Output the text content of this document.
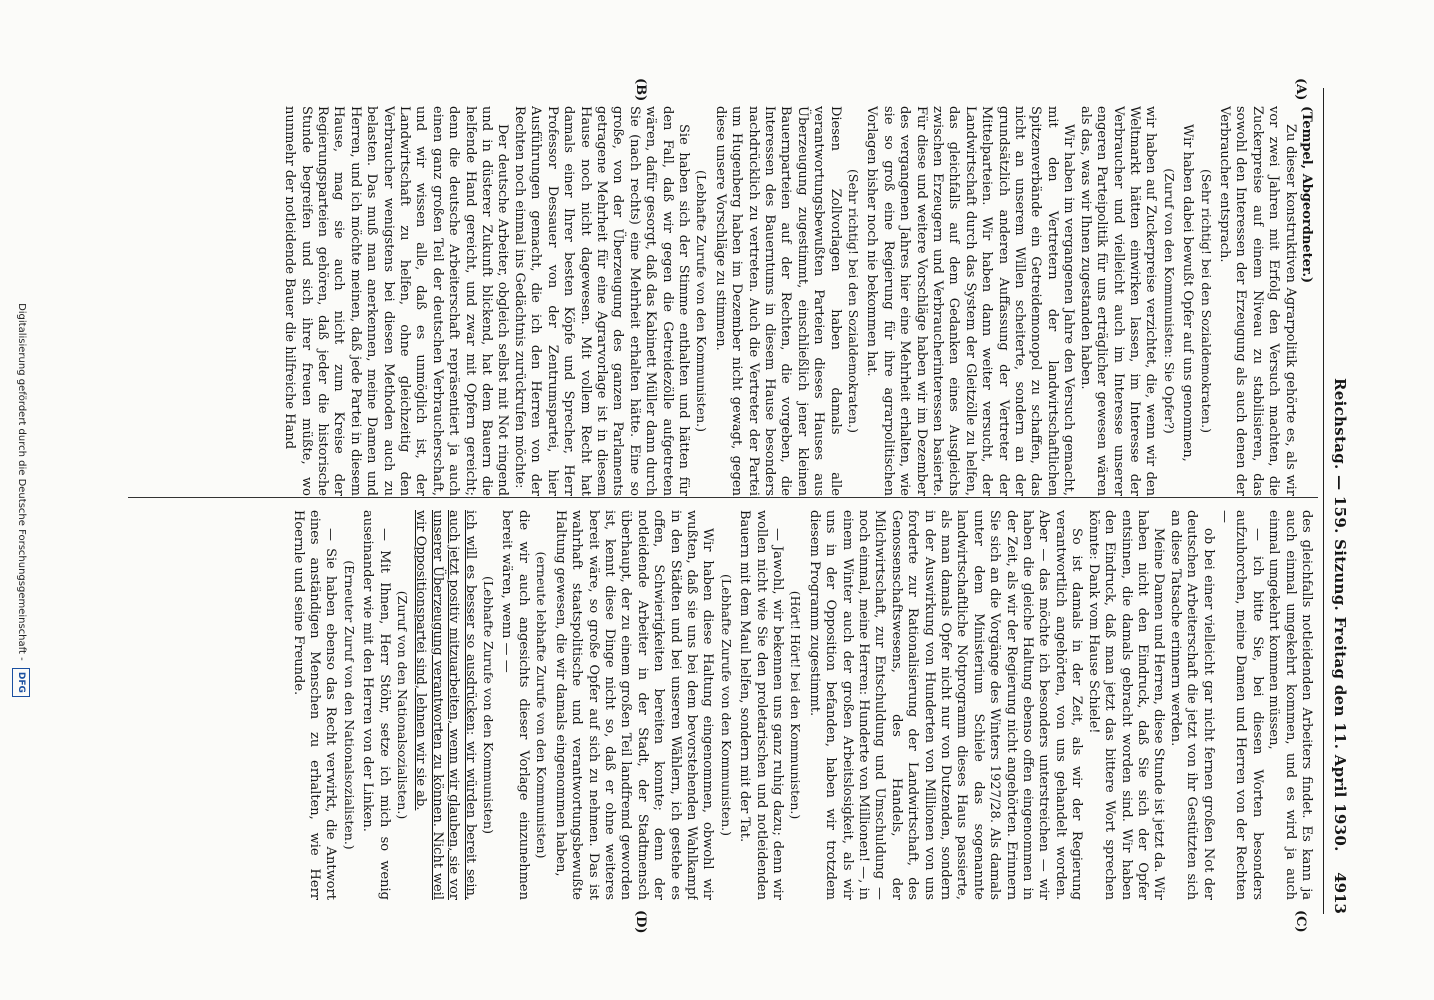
Reichstag. — 159. Sitzung. Freitag den 11. April 1930.
4913
(A)
(B)
(C)
(D)

(Tempel, Abgeordneter.)

Zu dieser konstruktiven Agrarpolitik gehörte es, als wir vor zwei Jahren mit Erfolg den Versuch machten, die Zuckerpreise auf einem Niveau zu stabilisieren, das sowohl den Interessen der Erzeugung als auch denen der Verbraucher entsprach.

(Sehr richtig! bei den Sozialdemokraten.)

Wir haben dabei bewußt Opfer auf uns genommen,

(Zuruf von den Kommunisten: Sie Opfer?)

wir haben auf Zuckerpreise verzichtet, die, wenn wir den Weltmarkt hätten einwirken lassen, im Interesse der Verbraucher und vielleicht auch im Interesse unserer engeren Parteipolitik für uns erträglicher gewesen wären als das, was wir Ihnen zugestanden haben.

Wir haben im vergangenen Jahre den Versuch gemacht, mit den Vertretern der landwirtschaftlichen Spitzenverbände ein Getreidemonopol zu schaffen, das nicht an unserem Willen scheiterte, sondern an der grundsätzlich anderen Auffassung der Vertreter der Mittelparteien. Wir haben dann weiter versucht, der Landwirtschaft durch das System der Gleitzölle zu helfen, das gleichfalls auf dem Gedanken eines Ausgleichs zwischen Erzeugern und Verbraucherinteressen basierte. Für diese und weitere Vorschläge haben wir im Dezember des vergangenen Jahres hier eine Mehrheit erhalten, wie sie so groß eine Regierung für ihre agrarpolitischen Vorlagen bisher noch nie bekommen hat.

(Sehr richtig! bei den Sozialdemokraten.)

Diesen Zollvorlagen haben damals alle verantwortungsbewußten Parteien dieses Hauses aus Überzeugung zugestimmt, einschließlich jener kleinen Bauernparteien auf der Rechten, die vorgeben, die Interessen des Bauerntums in diesem Hause besonders nachdrücklich zu vertreten. Auch die Vertreter der Partei um Hugenberg haben im Dezember nicht gewagt, gegen diese unsere Vorschläge zu stimmen.

(Lebhafte Zurufe von den Kommunisten.)

Sie haben sich der Stimme enthalten und hätten für den Fall, daß wir gegen die Getreidezölle aufgetreten wären, dafür gesorgt, daß das Kabinett Müller dann durch Sie (nach rechts) eine Mehrheit erhalten hätte. Eine so große, von der Überzeugung des ganzen Parlaments getragene Mehrheit für eine Agrarvorlage ist in diesem Hause noch nicht dagewesen. Mit vollem Recht hat damals einer Ihrer besten Köpfe und Sprecher, Herr Professor Dessauer von der Zentrumspartei, hier Ausführungen gemacht, die ich den Herren von der Rechten noch einmal ins Gedächtnis zurückrufen möchte:

Der deutsche Arbeiter, obgleich selbst mit Not ringend und in düsterer Zukunft blickend, hat dem Bauern die helfende Hand gereicht, und zwar mit Opfern gereicht; denn die deutsche Arbeiterschaft repräsentiert ja auch einen ganz großen Teil der deutschen Verbraucherschaft, und wir wissen alle, daß es unmöglich ist, der Landwirtschaft zu helfen, ohne gleichzeitig den Verbraucher wenigstens bei diesen Methoden auch zu belasten. Das muß man anerkennen, meine Damen und Herren, und ich möchte meinen, daß jede Partei in diesem Hause, mag sie auch nicht zum Kreise der Regierungsparteien gehören, daß jeder die historische Stunde begreifen und sich ihrer freuen müßte, wo nunmehr der notleidende Bauer die hilfreiche Hand

des gleichfalls notleidenden Arbeiters findet. Es kann ja auch einmal umgekehrt kommen, und es wird ja auch einmal umgekehrt kommen müssen,

— ich bitte Sie, bei diesen Worten besonders aufzuhorchen, meine Damen und Herren von der Rechten —

ob bei einer vielleicht gar nicht fernen großen Not der deutschen Arbeiterschaft die jetzt von ihr Gestützten sich an diese Tatsache erinnern werden.

Meine Damen und Herren, diese Stunde ist jetzt da. Wir haben nicht den Eindruck, daß Sie sich der Opfer entsinnen, die damals gebracht worden sind. Wir haben den Eindruck, daß man jetzt das bittere Wort sprechen könnte: Dank vom Hause Schiele!

So ist damals in der Zeit, als wir der Regierung verantwortlich angehörten, von uns gehandelt worden. Aber — das möchte ich besonders unterstreichen — wir haben die gleiche Haltung ebenso offen eingenommen in der Zeit, als wir der Regierung nicht angehörten. Erinnern Sie sich an die Vorgänge des Winters 1927/28. Als damals unter dem Ministerium Schiele das sogenannte landwirtschaftliche Notprogramm dieses Haus passierte, als man damals Opfer nicht nur von Dutzenden, sondern in der Auswirkung von Hunderten von Millionen von uns forderte zur Rationalisierung der Landwirtschaft, des Genossenschaftswesens, des Handels, der Milchwirtschaft, zur Entschuldung und Umschuldung — noch einmal, meine Herren: Hunderte von Millionen! —, in einem Winter auch der großen Arbeitslosigkeit, als wir uns in der Opposition befanden, haben wir trotzdem diesem Programm zugestimmt.

(Hört! Hört! bei den Kommunisten.)

— Jawohl, wir bekennen uns ganz ruhig dazu; denn wir wollen nicht wie Sie den proletarischen und notleidenden Bauern mit dem Maul helfen, sondern mit der Tat.

(Lebhafte Zurufe von den Kommunisten.)

Wir haben diese Haltung eingenommen, obwohl wir wußten, daß sie uns bei dem bevorstehenden Wahlkampf in den Städten und bei unseren Wählern, ich gestehe es offen, Schwierigkeiten bereiten konnte; denn der notleidende Arbeiter in der Stadt, der Stadtmensch überhaupt, der zu einem großen Teil landfremd geworden ist, kennt diese Dinge nicht so, daß er ohne weiteres bereit wäre, so große Opfer auf sich zu nehmen. Das ist wahrhaft staatspolitische und verantwortungsbewußte Haltung gewesen, die wir damals eingenommen haben,

(erneute lebhafte Zurufe von den Kommunisten)

die wir auch angesichts dieser Vorlage einzunehmen bereit wären, wenn — —

(Lebhafte Zurufe von den Kommunisten)

ich will es besser so ausdrücken: wir würden bereit sein, auch jetzt positiv mitzuarbeiten, wenn wir glauben, sie vor unserer Überzeugung verantworten zu können. Nicht weil wir Oppositionspartei sind, lehnen wir sie ab.

(Zuruf von den Nationalsozialisten.)

— Mit Ihnen, Herr Stöhr, setze ich mich so wenig auseinander wie mit den Herren von der Linken.

(Erneuter Zuruf von den Nationalsozialisten.)

— Sie haben ebenso das Recht verwirkt, die Antwort eines anständigen Menschen zu erhalten, wie Herr Hoernle und seine Freunde.

Digitalisierung gefördert durch die Deutsche Forschungsgemeinschaft - DFG
